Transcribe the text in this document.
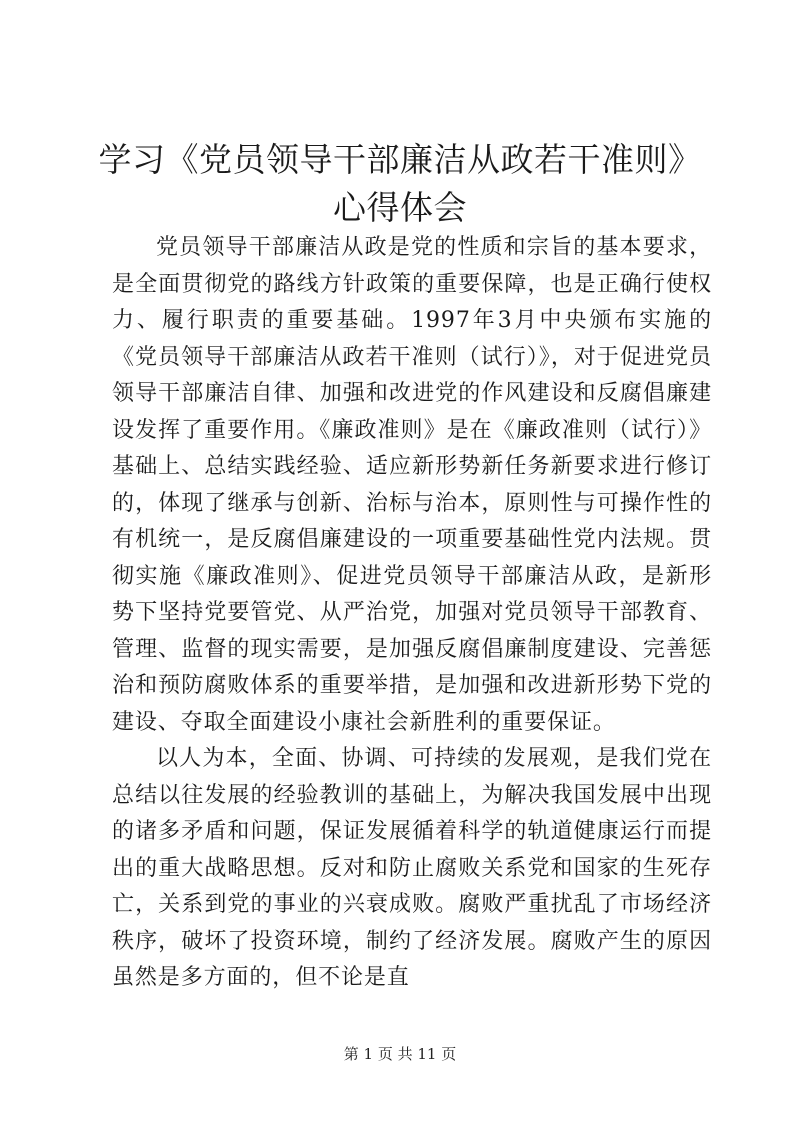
学习《党员领导干部廉洁从政若干准则》心得体会

党员领导干部廉洁从政是党的性质和宗旨的基本要求，是全面贯彻党的路线方针政策的重要保障，也是正确行使权力、履行职责的重要基础。1997年3月中央颁布实施的《党员领导干部廉洁从政若干准则（试行）》，对于促进党员领导干部廉洁自律、加强和改进党的作风建设和反腐倡廉建设发挥了重要作用。《廉政准则》是在《廉政准则（试行）》基础上、总结实践经验、适应新形势新任务新要求进行修订的，体现了继承与创新、治标与治本，原则性与可操作性的有机统一，是反腐倡廉建设的一项重要基础性党内法规。贯彻实施《廉政准则》、促进党员领导干部廉洁从政，是新形势下坚持党要管党、从严治党，加强对党员领导干部教育、管理、监督的现实需要，是加强反腐倡廉制度建设、完善惩治和预防腐败体系的重要举措，是加强和改进新形势下党的建设、夺取全面建设小康社会新胜利的重要保证。

以人为本，全面、协调、可持续的发展观，是我们党在总结以往发展的经验教训的基础上，为解决我国发展中出现的诸多矛盾和问题，保证发展循着科学的轨道健康运行而提出的重大战略思想。反对和防止腐败关系党和国家的生死存亡，关系到党的事业的兴衰成败。腐败严重扰乱了市场经济秩序，破坏了投资环境，制约了经济发展。腐败产生的原因虽然是多方面的，但不论是直

第 1 页 共 11 页
